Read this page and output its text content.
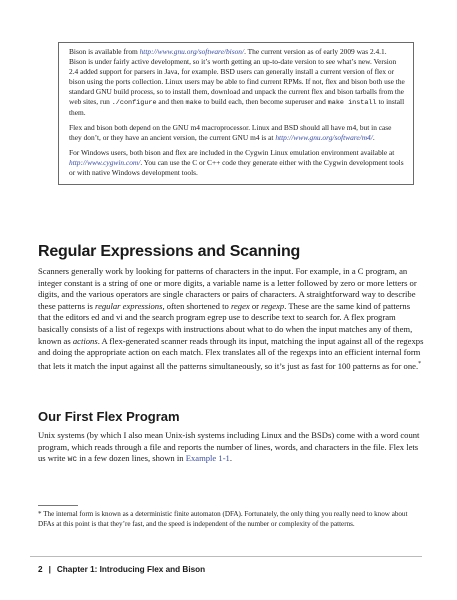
Bison is available from http://www.gnu.org/software/bison/. The current version as of early 2009 was 2.4.1. Bison is under fairly active development, so it’s worth getting an up-to-date version to see what’s new. Version 2.4 added support for parsers in Java, for example. BSD users can generally install a current version of flex or bison using the ports collection. Linux users may be able to find current RPMs. If not, flex and bison both use the standard GNU build process, so to install them, download and unpack the current flex and bison tarballs from the web sites, run ./configure and then make to build each, then become superuser and make install to install them.

Flex and bison both depend on the GNU m4 macroprocessor. Linux and BSD should all have m4, but in case they don’t, or they have an ancient version, the current GNU m4 is at http://www.gnu.org/software/m4/.

For Windows users, both bison and flex are included in the Cygwin Linux emulation environment available at http://www.cygwin.com/. You can use the C or C++ code they generate either with the Cygwin development tools or with native Windows development tools.

Regular Expressions and Scanning

Scanners generally work by looking for patterns of characters in the input. For example, in a C program, an integer constant is a string of one or more digits, a variable name is a letter followed by zero or more letters or digits, and the various operators are single characters or pairs of characters. A straightforward way to describe these patterns is regular expressions, often shortened to regex or regexp. These are the same kind of patterns that the editors ed and vi and the search program egrep use to describe text to search for. A flex program basically consists of a list of regexps with instructions about what to do when the input matches any of them, known as actions. A flex-generated scanner reads through its input, matching the input against all of the regexps and doing the appropriate action on each match. Flex translates all of the regexps into an efficient internal form that lets it match the input against all the patterns simultaneously, so it’s just as fast for 100 patterns as for one.*

Our First Flex Program

Unix systems (by which I also mean Unix-ish systems including Linux and the BSDs) come with a word count program, which reads through a file and reports the number of lines, words, and characters in the file. Flex lets us write wc in a few dozen lines, shown in Example 1-1.

* The internal form is known as a deterministic finite automaton (DFA). Fortunately, the only thing you really need to know about DFAs at this point is that they’re fast, and the speed is independent of the number or complexity of the patterns.

2 | Chapter 1: Introducing Flex and Bison
